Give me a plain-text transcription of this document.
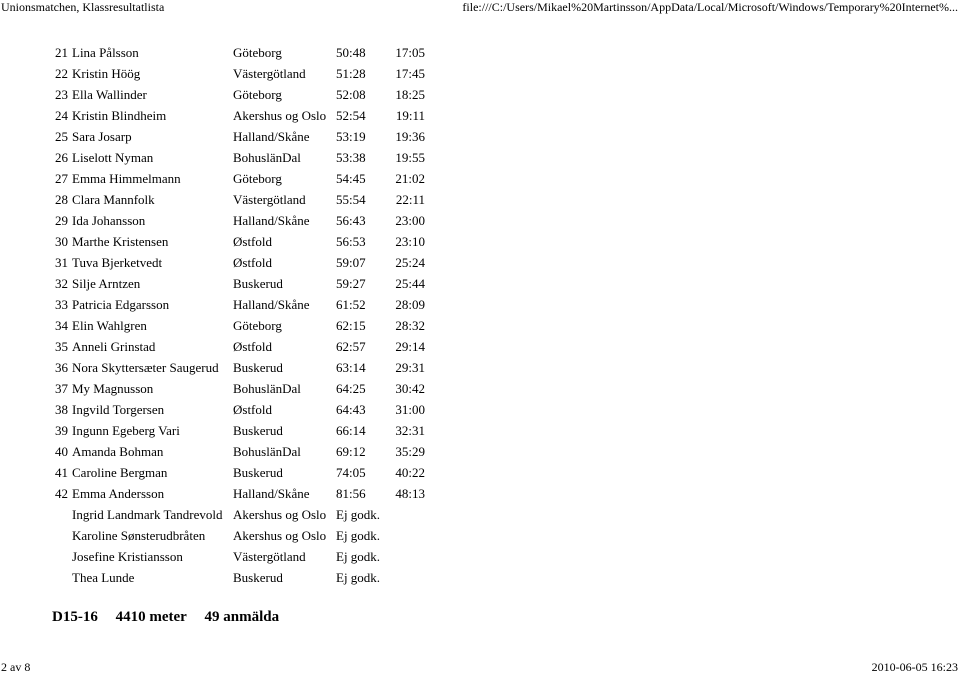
Unionsmatchen, Klassresultatlista	file:///C:/Users/Mikael%20Martinsson/AppData/Local/Microsoft/Windows/Temporary%20Internet%...
21	Lina Pålsson	Göteborg	50:48	17:05
22	Kristin Höög	Västergötland	51:28	17:45
23	Ella Wallinder	Göteborg	52:08	18:25
24	Kristin Blindheim	Akershus og Oslo	52:54	19:11
25	Sara Josarp	Halland/Skåne	53:19	19:36
26	Liselott Nyman	BohuslänDal	53:38	19:55
27	Emma Himmelmann	Göteborg	54:45	21:02
28	Clara Mannfolk	Västergötland	55:54	22:11
29	Ida Johansson	Halland/Skåne	56:43	23:00
30	Marthe Kristensen	Østfold	56:53	23:10
31	Tuva Bjerketvedt	Østfold	59:07	25:24
32	Silje Arntzen	Buskerud	59:27	25:44
33	Patricia Edgarsson	Halland/Skåne	61:52	28:09
34	Elin Wahlgren	Göteborg	62:15	28:32
35	Anneli Grinstad	Østfold	62:57	29:14
36	Nora Skyttersæter Saugerud	Buskerud	63:14	29:31
37	My Magnusson	BohuslänDal	64:25	30:42
38	Ingvild Torgersen	Østfold	64:43	31:00
39	Ingunn Egeberg Vari	Buskerud	66:14	32:31
40	Amanda Bohman	BohuslänDal	69:12	35:29
41	Caroline Bergman	Buskerud	74:05	40:22
42	Emma Andersson	Halland/Skåne	81:56	48:13
	Ingrid Landmark Tandrevold	Akershus og Oslo	Ej godk.	
	Karoline Sønsterudbråten	Akershus og Oslo	Ej godk.	
	Josefine Kristiansson	Västergötland	Ej godk.	
	Thea Lunde	Buskerud	Ej godk.	
D15-16 4410 meter 49 anmälda
2 av 8	2010-06-05 16:23
